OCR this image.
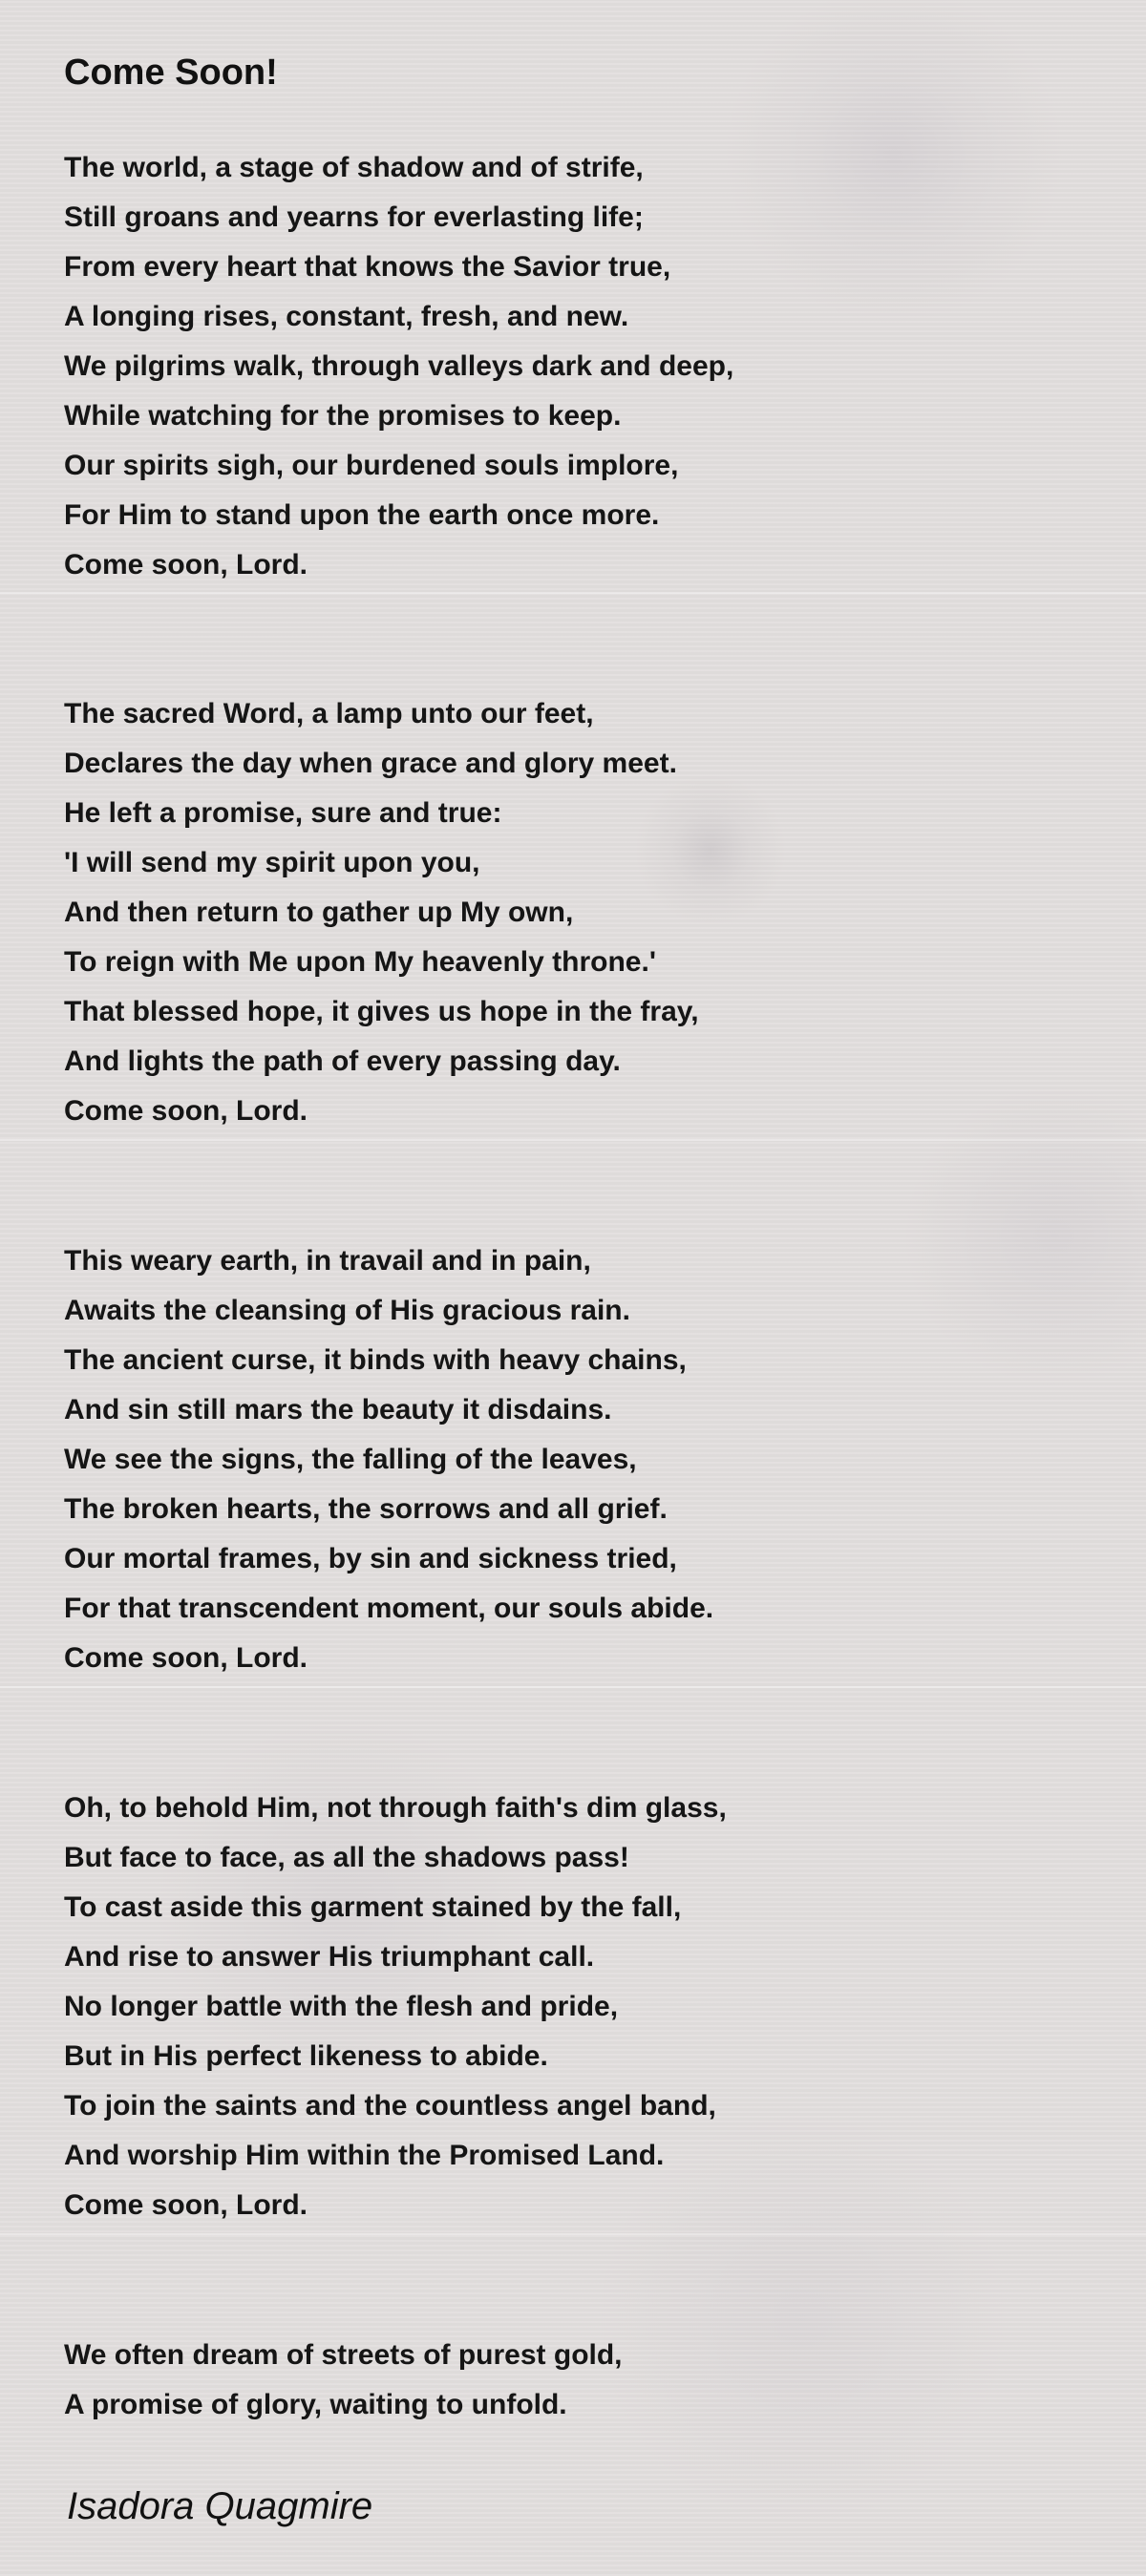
Come Soon!
The world, a stage of shadow and of strife,
Still groans and yearns for everlasting life;
From every heart that knows the Savior true,
A longing rises, constant, fresh, and new.
We pilgrims walk, through valleys dark and deep,
While watching for the promises to keep.
Our spirits sigh, our burdened souls implore,
For Him to stand upon the earth once more.
Come soon, Lord.
The sacred Word, a lamp unto our feet,
Declares the day when grace and glory meet.
He left a promise, sure and true:
'I will send my spirit upon you,
And then return to gather up My own,
To reign with Me upon My heavenly throne.'
That blessed hope, it gives us hope in the fray,
And lights the path of every passing day.
Come soon, Lord.
This weary earth, in travail and in pain,
Awaits the cleansing of His gracious rain.
The ancient curse, it binds with heavy chains,
And sin still mars the beauty it disdains.
We see the signs, the falling of the leaves,
The broken hearts, the sorrows and all grief.
Our mortal frames, by sin and sickness tried,
For that transcendent moment, our souls abide.
Come soon, Lord.
Oh, to behold Him, not through faith's dim glass,
But face to face, as all the shadows pass!
To cast aside this garment stained by the fall,
And rise to answer His triumphant call.
No longer battle with the flesh and pride,
But in His perfect likeness to abide.
To join the saints and the countless angel band,
And worship Him within the Promised Land.
Come soon, Lord.
We often dream of streets of purest gold,
A promise of glory, waiting to unfold.
Isadora Quagmire
